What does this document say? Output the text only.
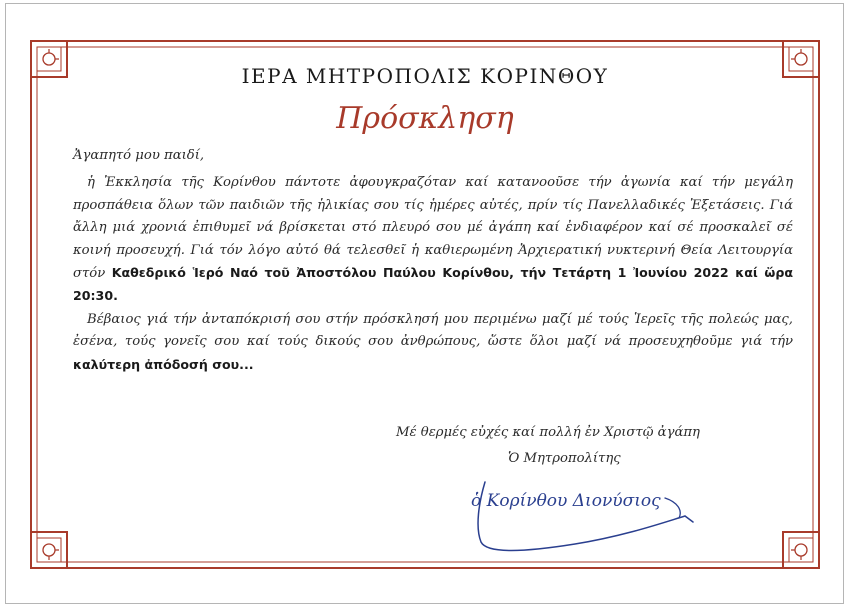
ΙΕΡΑ ΜΗΤΡΟΠΟΛΙΣ ΚΟΡΙΝΘΟΥ
Πρόσκληση

Ἀγαπητό μου παιδί,

ἡ Ἐκκλησία τῆς Κορίνθου πάντοτε ἀφουγκραζόταν καί κατανοοῦσε τήν ἀγωνία καί τήν μεγάλη προσπάθεια ὅλων τῶν παιδιῶν τῆς ἡλικίας σου τίς ἡμέρες αὐτές, πρίν τίς Πανελλαδικές Ἐξετάσεις. Γιά ἄλλη μιά χρονιά ἐπιθυμεῖ νά βρίσκεται στό πλευρό σου μέ ἀγάπη καί ἐνδιαφέρον καί σέ προσκαλεῖ σέ κοινή προσευχή. Γιά τόν λόγο αὐτό θά τελεσθεῖ ἡ καθιερωμένη Ἀρχιερατική νυκτερινή Θεία Λειτουργία στόν Καθεδρικό Ἱερό Ναό τοῦ Ἀποστόλου Παύλου Κορίνθου, τήν Τετάρτη 1 Ἰουνίου 2022 καί ὥρα 20:30.

Βέβαιος γιά τήν ἀνταπόκρισή σου στήν πρόσκλησή μου περιμένω μαζί μέ τούς Ἱερεῖς τῆς πολεώς μας, ἐσένα, τούς γονεῖς σου καί τούς δικούς σου ἀνθρώπους, ὥστε ὅλοι μαζί νά προσευχηθοῦμε γιά τήν καλύτερη ἀπόδοσή σου...

Μέ θερμές εὐχές καί πολλή ἐν Χριστῷ ἀγάπη
Ὁ Μητροπολίτης
ὁ Κορίνθου Διονύσιος
